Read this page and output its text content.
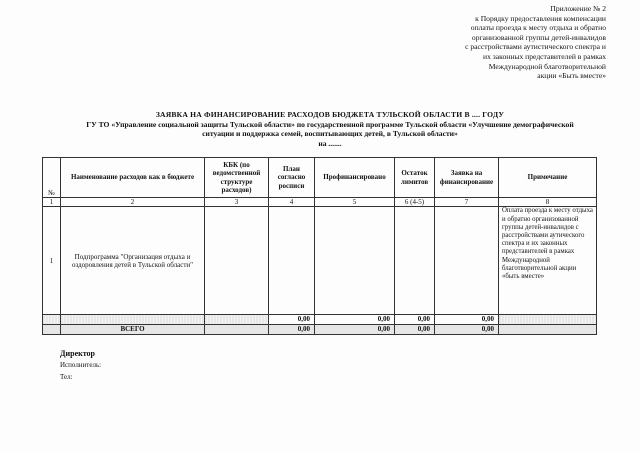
Приложение № 2
к Порядку предоставления компенсации
оплаты проезда к месту отдыха и обратно
организованной группы детей-инвалидов
с расстройствами аутистического спектра и
их законных представителей в рамках
Международной благотворительной
акции «Быть вместе»
ЗАЯВКА НА ФИНАНСИРОВАНИЕ РАСХОДОВ БЮДЖЕТА ТУЛЬСКОЙ ОБЛАСТИ В .... ГОДУ
ГУ ТО «Управление социальной защиты Тульской области» по государственной программе Тульской области «Улучшение демографической
ситуации и поддержка семей, воспитывающих детей, в Тульской области»
на .......
№	Наименование расходов как в бюджете	КБК (по ведомственной структуре расходов)	План согласно росписи	Профинансировано	Остаток лимитов	Заявка на финансирование	Примечание
1	2	3	4	5	6 (4-5)	7	8
1	Подпрограмма "Организация отдыха и оздоровления детей в Тульской области"						Оплата проезда к месту отдыха и обратно организованной группы детей-инвалидов с расстройствами аутического спектра и их законных представителей в рамках Международной благотворительной акции «быть вместе»
			0,00	0,00	0,00	0,00	
	ВСЕГО		0,00	0,00	0,00	0,00	
Директор
Исполнитель:
Тел:
